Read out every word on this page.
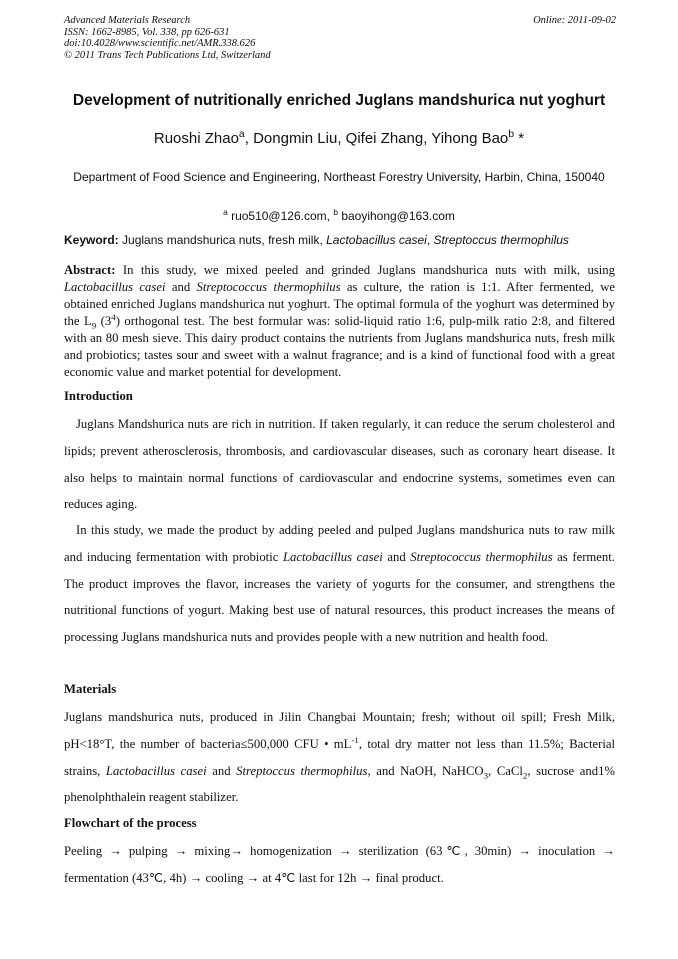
Advanced Materials Research
ISSN: 1662-8985, Vol. 338, pp 626-631
doi:10.4028/www.scientific.net/AMR.338.626
© 2011 Trans Tech Publications Ltd, Switzerland
Online: 2011-09-02
Development of nutritionally enriched Juglans mandshurica nut yoghurt
Ruoshi Zhao$^a$, Dongmin Liu, Qifei Zhang, Yihong Bao$^b$ *
Department of Food Science and Engineering, Northeast Forestry University, Harbin, China, 150040
$^a$ ruo510@126.com, $^b$ baoyihong@163.com
Keyword: Juglans mandshurica nuts, fresh milk, Lactobacillus casei, Streptoccus thermophilus
Abstract: In this study, we mixed peeled and grinded Juglans mandshurica nuts with milk, using Lactobacillus casei and Streptococcus thermophilus as culture, the ration is 1:1. After fermented, we obtained enriched Juglans mandshurica nut yoghurt. The optimal formula of the yoghurt was determined by the $L_9$ $(3^4)$ orthogonal test. The best formular was: solid-liquid ratio 1:6, pulp-milk ratio 2:8, and filtered with an 80 mesh sieve. This dairy product contains the nutrients from Juglans mandshurica nuts, fresh milk and probiotics; tastes sour and sweet with a walnut fragrance; and is a kind of functional food with a great economic value and market potential for development.
Introduction
Juglans Mandshurica nuts are rich in nutrition. If taken regularly, it can reduce the serum cholesterol and lipids; prevent atherosclerosis, thrombosis, and cardiovascular diseases, such as coronary heart disease. It also helps to maintain normal functions of cardiovascular and endocrine systems, sometimes even can reduces aging.
In this study, we made the product by adding peeled and pulped Juglans mandshurica nuts to raw milk and inducing fermentation with probiotic Lactobacillus casei and Streptococcus thermophilus as ferment. The product improves the flavor, increases the variety of yogurts for the consumer, and strengthens the nutritional functions of yogurt. Making best use of natural resources, this product increases the means of processing Juglans mandshurica nuts and provides people with a new nutrition and health food.
Materials
Juglans mandshurica nuts, produced in Jilin Changbai Mountain; fresh; without oil spill; Fresh Milk, pH<18°T, the number of bacteria≤500,000 CFU • $mL^{-1}$, total dry matter not less than 11.5%; Bacterial strains, Lactobacillus casei and Streptoccus thermophilus, and NaOH, NaHCO$_3$, CaCl$_2$, sucrose and1% phenolphthalein reagent stabilizer.
Flowchart of the process
Peeling → pulping → mixing→ homogenization → sterilization (63℃, 30min) → inoculation → fermentation (43℃, 4h) → cooling → at 4℃ last for 12h → final product.
